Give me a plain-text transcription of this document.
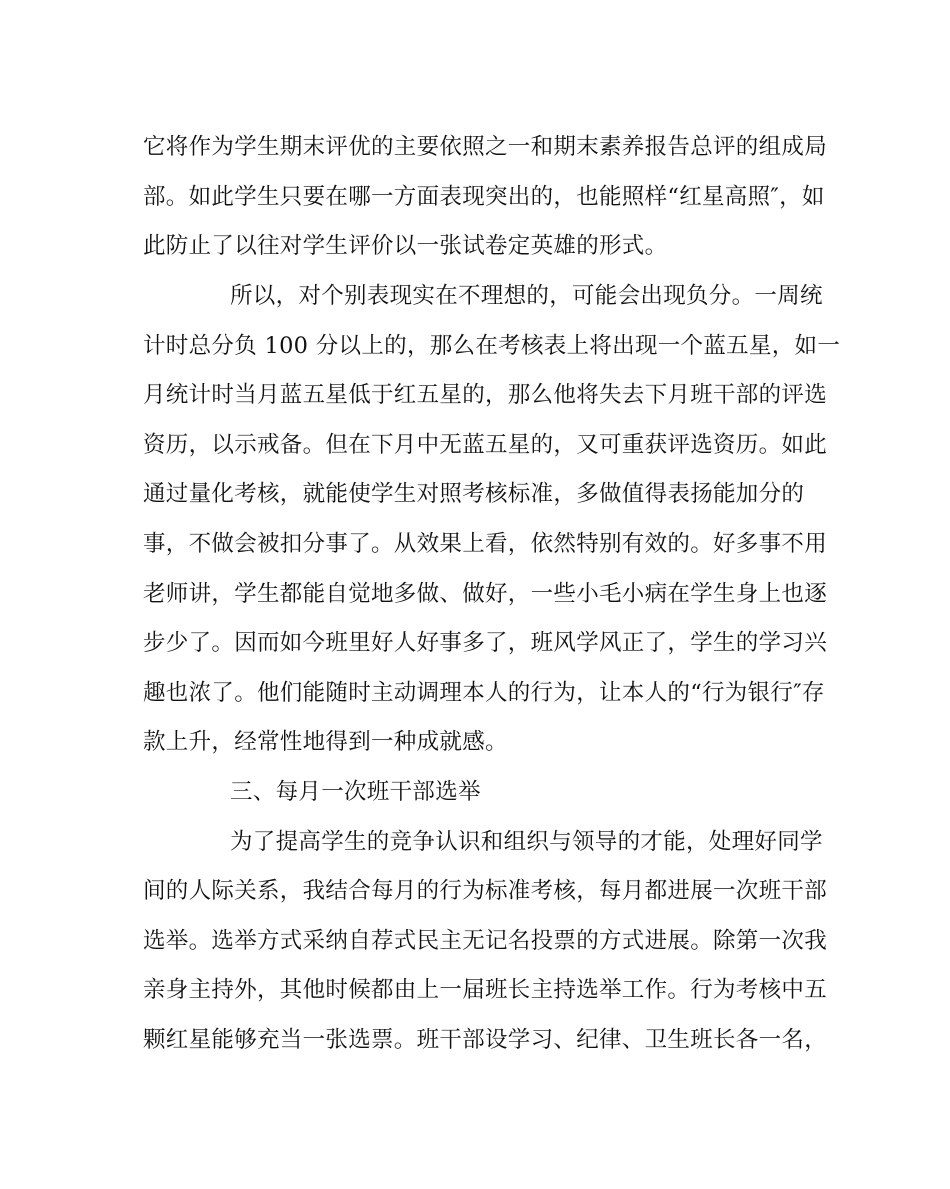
它将作为学生期末评优的主要依照之一和期末素养报告总评的组成局
部。如此学生只要在哪一方面表现突出的，也能照样“红星高照″，如
此防止了以往对学生评价以一张试卷定英雄的形式。
所以，对个别表现实在不理想的，可能会出现负分。一周统
计时总分负 100 分以上的，那么在考核表上将出现一个蓝五星，如一
月统计时当月蓝五星低于红五星的，那么他将失去下月班干部的评选
资历，以示戒备。但在下月中无蓝五星的，又可重获评选资历。如此
通过量化考核，就能使学生对照考核标准，多做值得表扬能加分的
事，不做会被扣分事了。从效果上看，依然特别有效的。好多事不用
老师讲，学生都能自觉地多做、做好，一些小毛小病在学生身上也逐
步少了。因而如今班里好人好事多了，班风学风正了，学生的学习兴
趣也浓了。他们能随时主动调理本人的行为，让本人的“行为银行″存
款上升，经常性地得到一种成就感。
三、每月一次班干部选举
为了提高学生的竞争认识和组织与领导的才能，处理好同学
间的人际关系，我结合每月的行为标准考核，每月都进展一次班干部
选举。选举方式采纳自荐式民主无记名投票的方式进展。除第一次我
亲身主持外，其他时候都由上一届班长主持选举工作。行为考核中五
颗红星能够充当一张选票。班干部设学习、纪律、卫生班长各一名，
